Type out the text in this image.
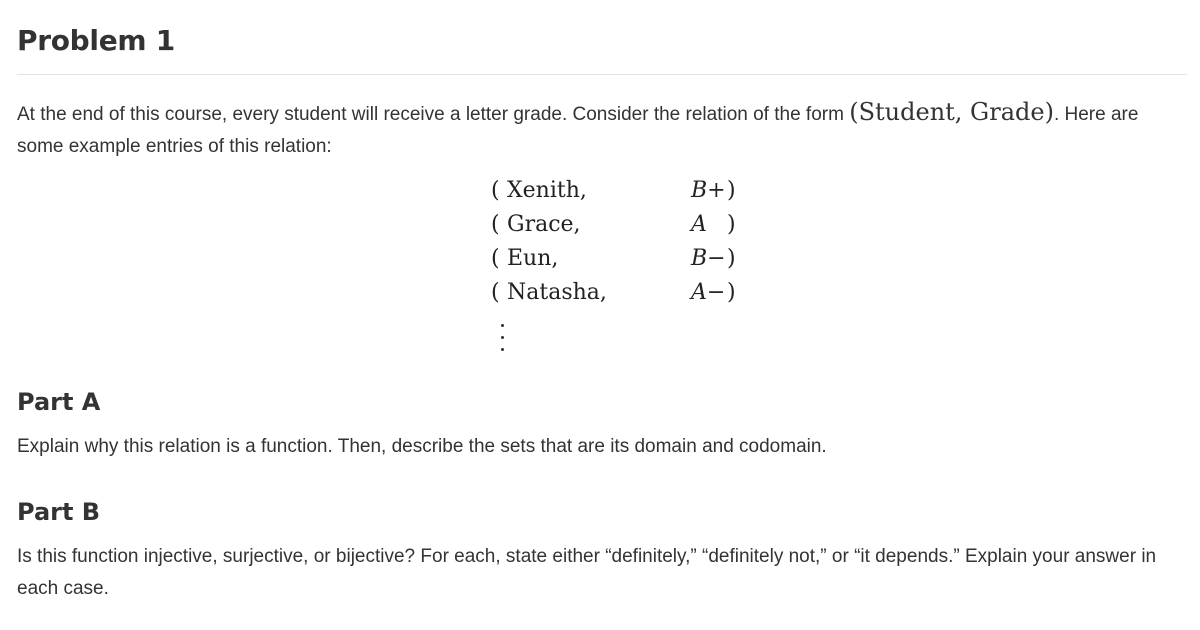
Problem 1

At the end of this course, every student will receive a letter grade. Consider the relation of the form (Student, Grade). Here are some example entries of this relation:

( Xenith,	B+ )
( Grace,	A )
( Eun,	B− )
( Natasha,	A− )
Part A

Explain why this relation is a function. Then, describe the sets that are its domain and codomain.

Part B

Is this function injective, surjective, or bijective? For each, state either “definitely,” “definitely not,” or “it depends.” Explain your answer in each case.
